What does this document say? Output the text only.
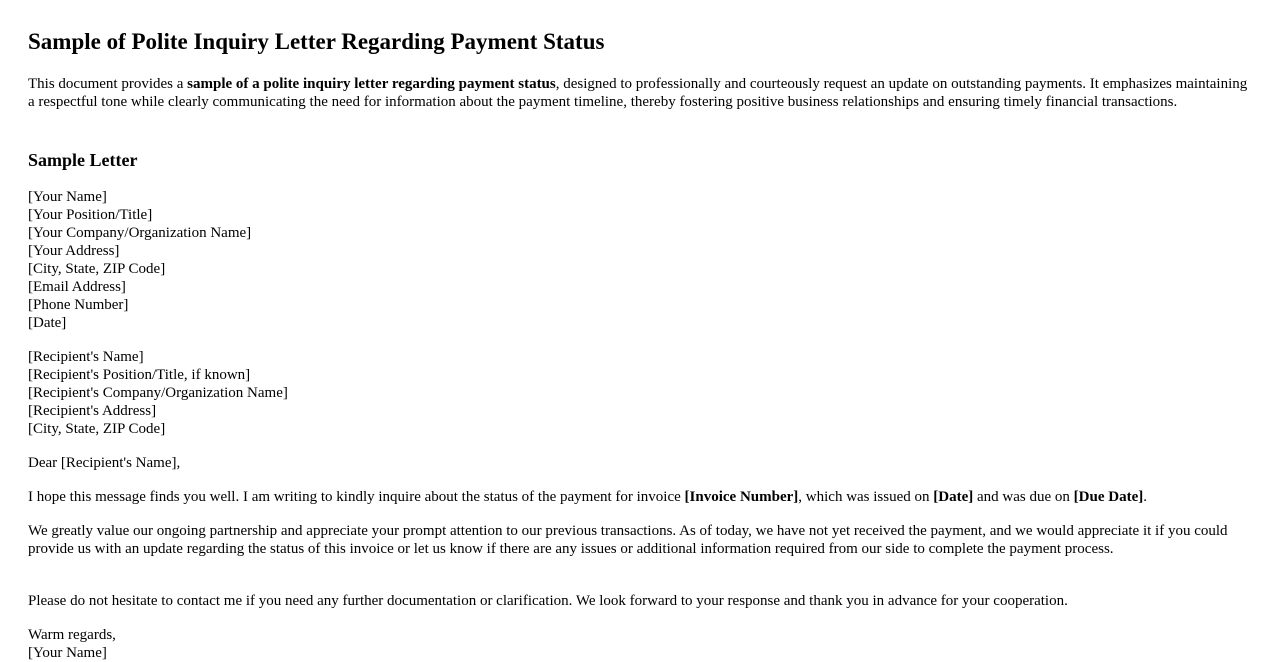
Sample of Polite Inquiry Letter Regarding Payment Status

This document provides a sample of a polite inquiry letter regarding payment status, designed to professionally and courteously request an update on outstanding payments. It emphasizes maintaining a respectful tone while clearly communicating the need for information about the payment timeline, thereby fostering positive business relationships and ensuring timely financial transactions.

Sample Letter
[Your Name]
[Your Position/Title]
[Your Company/Organization Name]
[Your Address]
[City, State, ZIP Code]
[Email Address]
[Phone Number]
[Date]
[Recipient's Name]
[Recipient's Position/Title, if known]
[Recipient's Company/Organization Name]
[Recipient's Address]
[City, State, ZIP Code]

Dear [Recipient's Name],

I hope this message finds you well. I am writing to kindly inquire about the status of the payment for invoice [Invoice Number], which was issued on [Date] and was due on [Due Date].

We greatly value our ongoing partnership and appreciate your prompt attention to our previous transactions. As of today, we have not yet received the payment, and we would appreciate it if you could provide us with an update regarding the status of this invoice or let us know if there are any issues or additional information required from our side to complete the payment process.

Please do not hesitate to contact me if you need any further documentation or clarification. We look forward to your response and thank you in advance for your cooperation.

Warm regards,
[Your Name]
